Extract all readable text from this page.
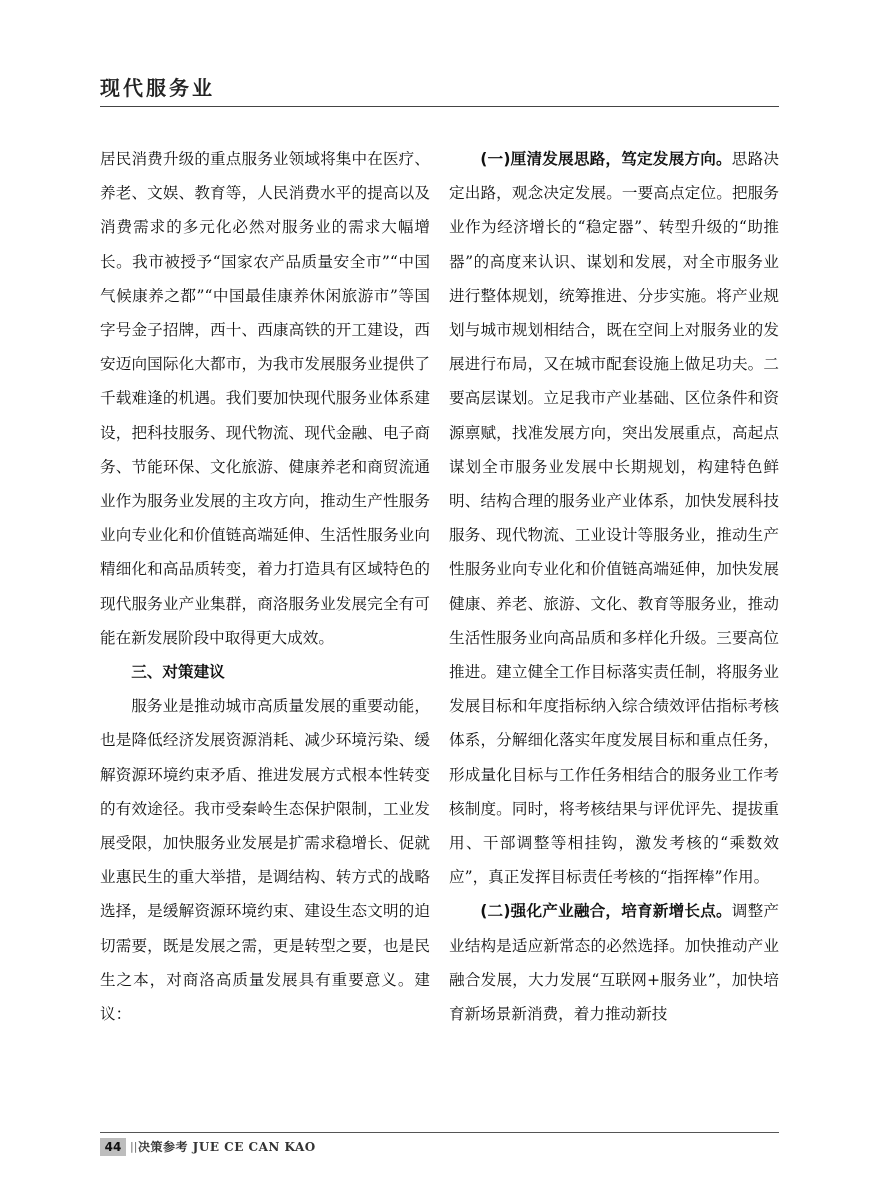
现代服务业

居民消费升级的重点服务业领域将集中在医疗、养老、文娱、教育等，人民消费水平的提高以及消费需求的多元化必然对服务业的需求大幅增长。我市被授予“国家农产品质量安全市”“中国气候康养之都”“中国最佳康养休闲旅游市”等国字号金子招牌，西十、西康高铁的开工建设，西安迈向国际化大都市，为我市发展服务业提供了千载难逢的机遇。我们要加快现代服务业体系建设，把科技服务、现代物流、现代金融、电子商务、节能环保、文化旅游、健康养老和商贸流通业作为服务业发展的主攻方向，推动生产性服务业向专业化和价值链高端延伸、生活性服务业向精细化和高品质转变，着力打造具有区域特色的现代服务业产业集群，商洛服务业发展完全有可能在新发展阶段中取得更大成效。

三、对策建议

服务业是推动城市高质量发展的重要动能，也是降低经济发展资源消耗、减少环境污染、缓解资源环境约束矛盾、推进发展方式根本性转变的有效途径。我市受秦岭生态保护限制，工业发展受限，加快服务业发展是扩需求稳增长、促就业惠民生的重大举措，是调结构、转方式的战略选择，是缓解资源环境约束、建设生态文明的迫切需要，既是发展之需，更是转型之要，也是民生之本，对商洛高质量发展具有重要意义。建议：

(一)厘清发展思路，笃定发展方向。思路决定出路，观念决定发展。一要高点定位。把服务业作为经济增长的“稳定器”、转型升级的“助推器”的高度来认识、谋划和发展，对全市服务业进行整体规划，统筹推进、分步实施。将产业规划与城市规划相结合，既在空间上对服务业的发展进行布局，又在城市配套设施上做足功夫。二要高层谋划。立足我市产业基础、区位条件和资源禀赋，找准发展方向，突出发展重点，高起点谋划全市服务业发展中长期规划，构建特色鲜明、结构合理的服务业产业体系，加快发展科技服务、现代物流、工业设计等服务业，推动生产性服务业向专业化和价值链高端延伸，加快发展健康、养老、旅游、文化、教育等服务业，推动生活性服务业向高品质和多样化升级。三要高位推进。建立健全工作目标落实责任制，将服务业发展目标和年度指标纳入综合绩效评估指标考核体系，分解细化落实年度发展目标和重点任务，形成量化目标与工作任务相结合的服务业工作考核制度。同时，将考核结果与评优评先、提拔重用、干部调整等相挂钩，激发考核的“乘数效应”，真正发挥目标责任考核的“指挥棒”作用。

(二)强化产业融合，培育新增长点。调整产业结构是适应新常态的必然选择。加快推动产业融合发展，大力发展“互联网+服务业”，加快培育新场景新消费，着力推动新技

44 || 决策参考 JUE CE CAN KAO
